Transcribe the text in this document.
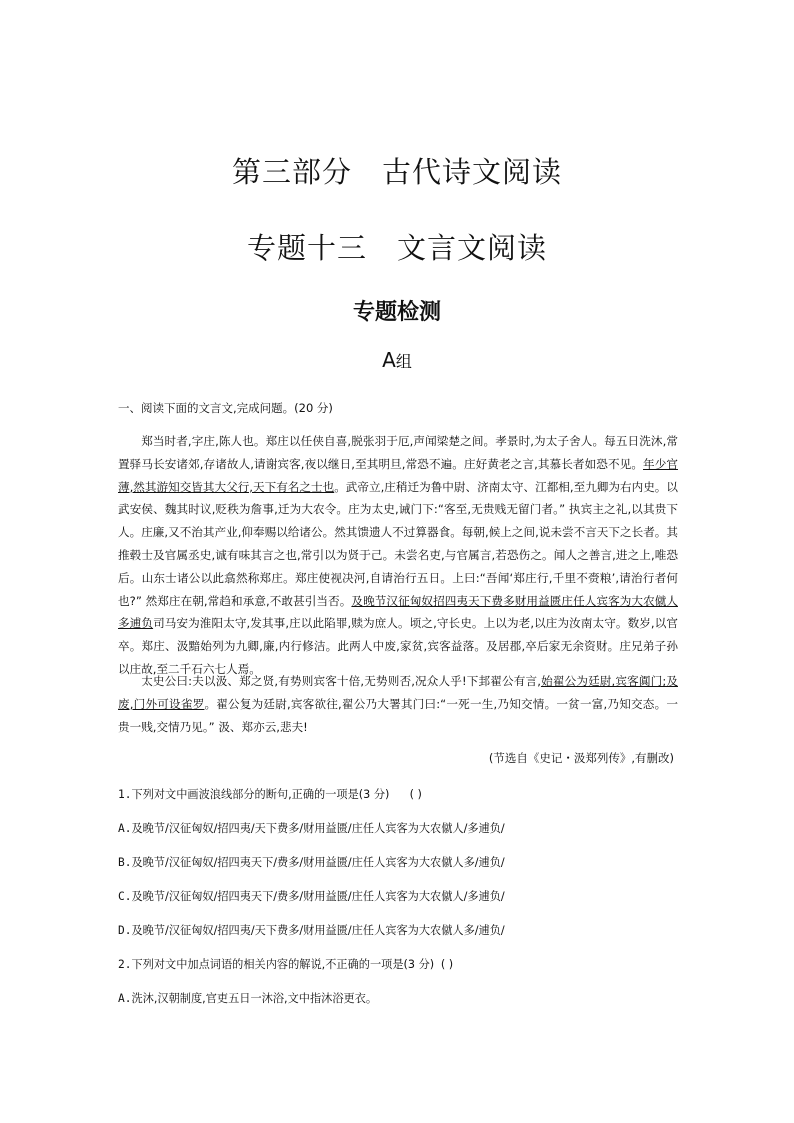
第三部分 古代诗文阅读
专题十三 文言文阅读
专题检测
A组

一、阅读下面的文言文,完成问题。(20 分)

郑当时者,字庄,陈人也。郑庄以任侠自喜,脱张羽于厄,声闻梁楚之间。孝景时,为太子舍人。每五日洗沐,常置驿马长安诸郊,存诸故人,请谢宾客,夜以继日,至其明旦,常恐不遍。庄好黄老之言,其慕长者如恐不见。年少官薄,然其游知交皆其大父行,天下有名之士也。武帝立,庄稍迁为鲁中尉、济南太守、江都相,至九卿为右内史。以武安侯、魏其时议,贬秩为詹事,迁为大农令。庄为太史,诫门下:“客至,无贵贱无留门者。” 执宾主之礼,以其贵下人。庄廉,又不治其产业,仰奉赐以给诸公。然其馈遗人不过算器食。每朝,候上之间,说未尝不言天下之长者。其推毂士及官属丞史,诚有味其言之也,常引以为贤于己。未尝名吏,与官属言,若恐伤之。闻人之善言,进之上,唯恐后。山东士诸公以此翕然称郑庄。郑庄使视决河,自请治行五日。上曰:“吾闻‘郑庄行,千里不赍粮’,请治行者何也?” 然郑庄在朝,常趋和承意,不敢甚引当否。及晚节汉征匈奴招四夷天下费多财用益匮庄任人宾客为大农僦人多逋负司马安为淮阳太守,发其事,庄以此陷罪,赎为庶人。顷之,守长史。上以为老,以庄为汝南太守。数岁,以官卒。郑庄、汲黯始列为九卿,廉,内行修洁。此两人中废,家贫,宾客益落。及居郡,卒后家无余资财。庄兄弟子孙以庄故,至二千石六七人焉。

太史公曰:夫以汲、郑之贤,有势则宾客十倍,无势则否,况众人乎!下邽翟公有言,始翟公为廷尉,宾客阗门;及废,门外可设雀罗。翟公复为廷尉,宾客欲往,翟公乃大署其门曰:“一死一生,乃知交情。一贫一富,乃知交态。一贵一贱,交情乃见。” 汲、郑亦云,悲夫!

(节选自《史记・汲郑列传》,有删改)

1.下列对文中画波浪线部分的断句,正确的一项是(3 分) ( )

A.及晚节/汉征匈奴/招四夷/天下费多/财用益匮/庄任人宾客为大农僦人/多逋负/

B.及晚节/汉征匈奴/招四夷天下/费多/财用益匮/庄任人宾客为大农僦人多/逋负/

C.及晚节/汉征匈奴/招四夷天下/费多/财用益匮/庄任人宾客为大农僦人/多逋负/

D.及晚节/汉征匈奴/招四夷/天下费多/财用益匮/庄任人宾客为大农僦人多/逋负/

2.下列对文中加点词语的相关内容的解说,不正确的一项是(3 分) ( )

A.洗沐,汉朝制度,官吏五日一沐浴,文中指沐浴更衣。
